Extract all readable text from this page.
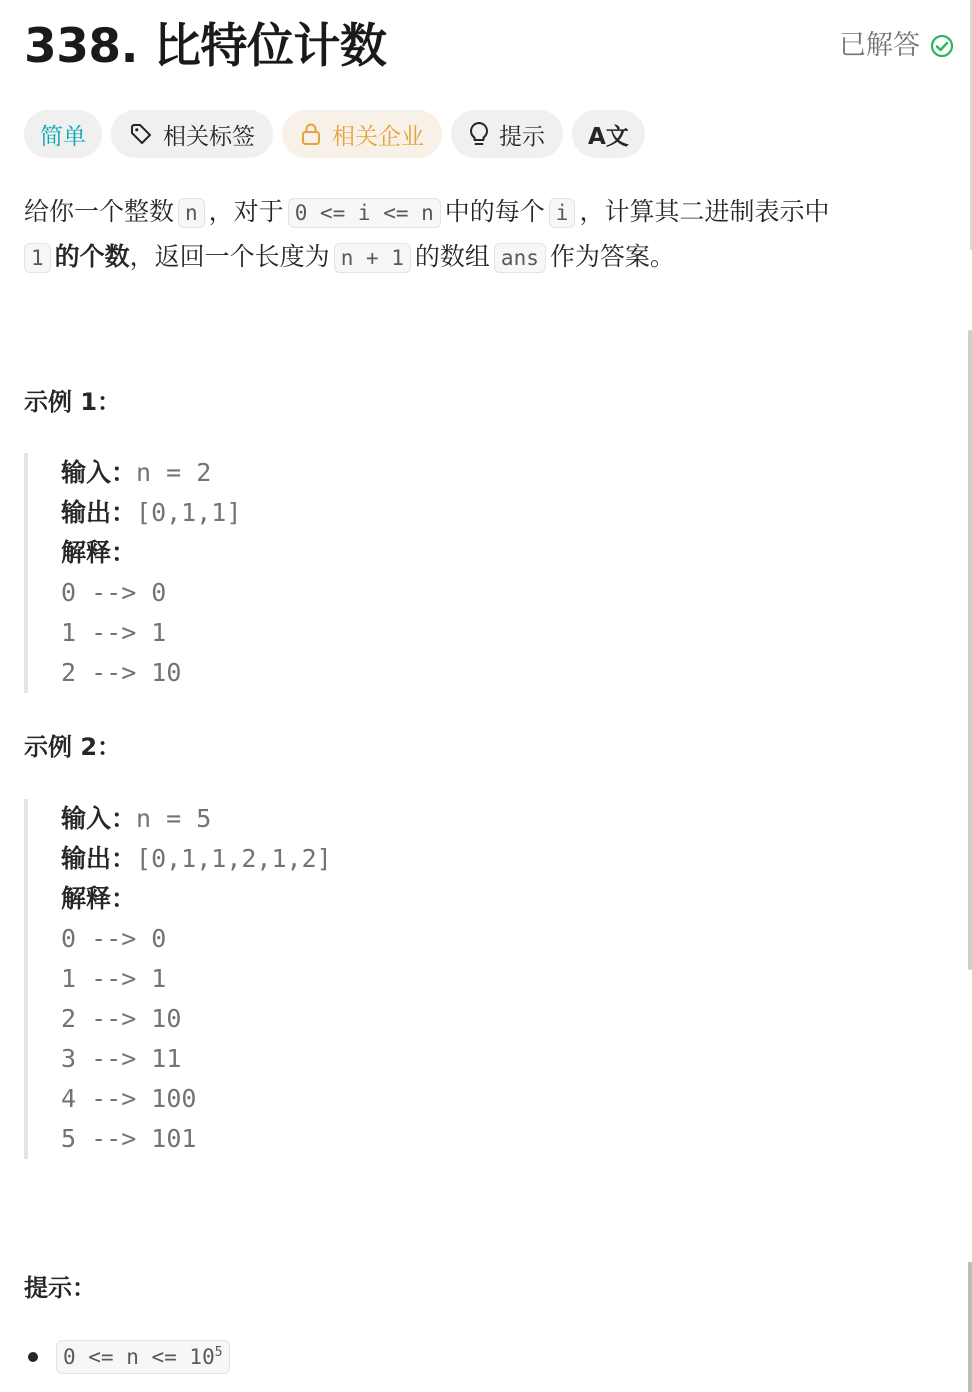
338. 比特位计数	已解答
简单	相关标签	相关企业	提示 A文
给你一个整数 n ，对于 0 <= i <= n 中的每个 i ，计算其二进制表示中
1 的个数，返回一个长度为 n + 1 的数组 ans 作为答案。
示例 1：
输入：n = 2
输出：[0,1,1]
解释：
0 --> 0
1 --> 1
2 --> 10
示例 2：
输入：n = 5
输出：[0,1,1,2,1,2]
解释：
0 --> 0
1 --> 1
2 --> 10
3 --> 11
4 --> 100
5 --> 101
提示：
$0 <= n <= 10^5$
